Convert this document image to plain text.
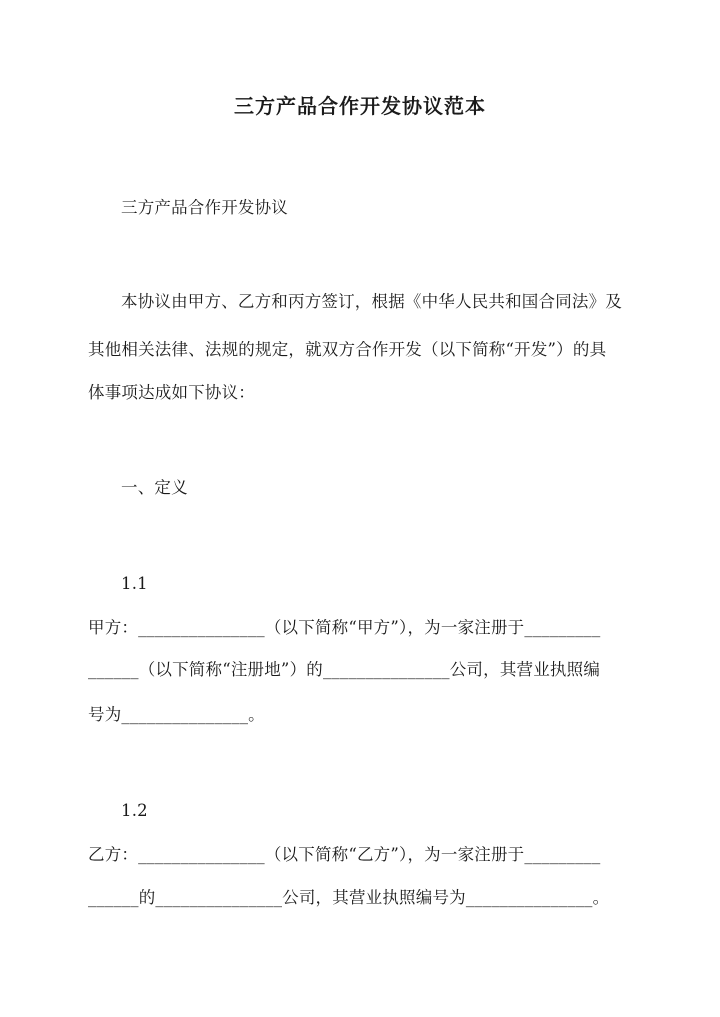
三方产品合作开发协议范本
三方产品合作开发协议
本协议由甲方、乙方和丙方签订，根据《中华人民共和国合同法》及
其他相关法律、法规的规定，就双方合作开发（以下简称“开发”）的具
体事项达成如下协议：
一、定义
1.1
甲方：_______________（以下简称“甲方”），为一家注册于_________
______（以下简称“注册地”）的_______________公司，其营业执照编
号为_______________。
1.2
乙方：_______________（以下简称“乙方”），为一家注册于_________
______的_______________公司，其营业执照编号为_______________。
